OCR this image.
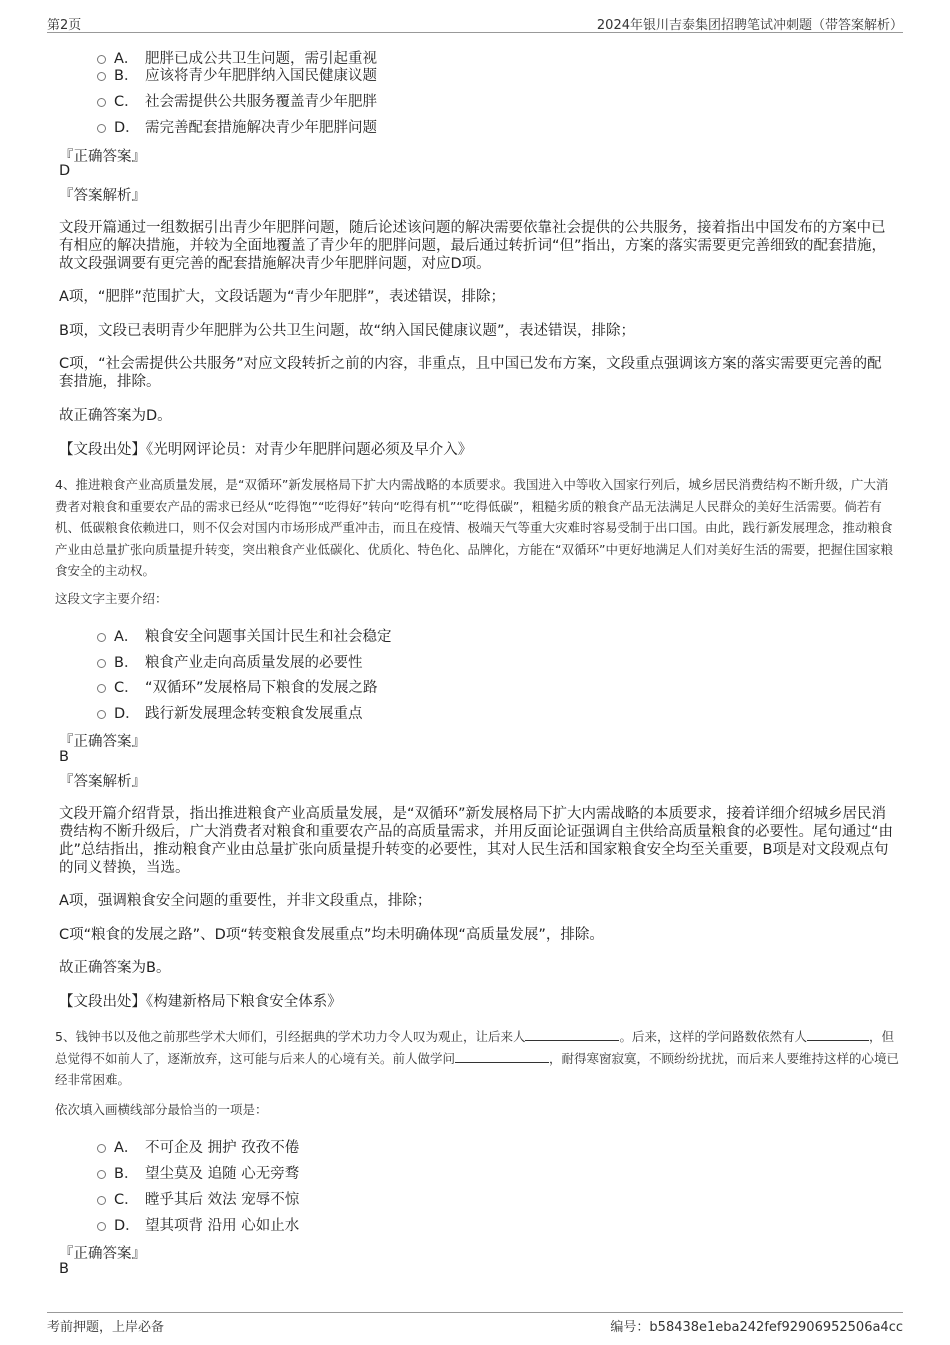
第2页	2024年银川吉泰集团招聘笔试冲刺题（带答案解析）
A． 肥胖已成公共卫生问题，需引起重视
B． 应该将青少年肥胖纳入国民健康议题
C． 社会需提供公共服务覆盖青少年肥胖
D． 需完善配套措施解决青少年肥胖问题
『正确答案』
D
『答案解析』
文段开篇通过一组数据引出青少年肥胖问题，随后论述该问题的解决需要依靠社会提供的公共服务，接着指出中国发布的方案中已有相应的解决措施，并较为全面地覆盖了青少年的肥胖问题，最后通过转折词“但”指出，方案的落实需要更完善细致的配套措施，故文段强调要有更完善的配套措施解决青少年肥胖问题，对应D项。
A项，“肥胖”范围扩大，文段话题为“青少年肥胖”，表述错误，排除；
B项，文段已表明青少年肥胖为公共卫生问题，故“纳入国民健康议题”，表述错误，排除；
C项，“社会需提供公共服务”对应文段转折之前的内容，非重点，且中国已发布方案，文段重点强调该方案的落实需要更完善的配套措施，排除。
故正确答案为D。
【文段出处】《光明网评论员：对青少年肥胖问题必须及早介入》
4、推进粮食产业高质量发展，是“双循环”新发展格局下扩大内需战略的本质要求。我国进入中等收入国家行列后，城乡居民消费结构不断升级，广大消费者对粮食和重要农产品的需求已经从“吃得饱”“吃得好”转向“吃得有机”“吃得低碳”，粗糙劣质的粮食产品无法满足人民群众的美好生活需要。倘若有机、低碳粮食依赖进口，则不仅会对国内市场形成严重冲击，而且在疫情、极端天气等重大灾难时容易受制于出口国。由此，践行新发展理念，推动粮食产业由总量扩张向质量提升转变，突出粮食产业低碳化、优质化、特色化、品牌化，方能在“双循环”中更好地满足人们对美好生活的需要，把握住国家粮食安全的主动权。
这段文字主要介绍：
A． 粮食安全问题事关国计民生和社会稳定
B． 粮食产业走向高质量发展的必要性
C． “双循环”发展格局下粮食的发展之路
D． 践行新发展理念转变粮食发展重点
『正确答案』
B
『答案解析』
文段开篇介绍背景，指出推进粮食产业高质量发展，是“双循环”新发展格局下扩大内需战略的本质要求，接着详细介绍城乡居民消费结构不断升级后，广大消费者对粮食和重要农产品的高质量需求，并用反面论证强调自主供给高质量粮食的必要性。尾句通过“由此”总结指出，推动粮食产业由总量扩张向质量提升转变的必要性，其对人民生活和国家粮食安全均至关重要，B项是对文段观点句的同义替换，当选。
A项，强调粮食安全问题的重要性，并非文段重点，排除；
C项“粮食的发展之路”、D项“转变粮食发展重点”均未明确体现“高质量发展”，排除。
故正确答案为B。
【文段出处】《构建新格局下粮食安全体系》
5、钱钟书以及他之前那些学术大师们，引经据典的学术功力令人叹为观止，让后来人	。后来，这样的学问路数依然有人	，但总觉得不如前人了，逐渐放弃，这可能与后来人的心境有关。前人做学问	，耐得寒窗寂寞，不顾纷纷扰扰，而后来人要维持这样的心境已经非常困难。
依次填入画横线部分最恰当的一项是：
A． 不可企及 拥护 孜孜不倦
B． 望尘莫及 追随 心无旁骛
C． 瞠乎其后 效法 宠辱不惊
D． 望其项背 沿用 心如止水
『正确答案』
B
考前押题，上岸必备	编号：b58438e1eba242fef92906952506a4cc
